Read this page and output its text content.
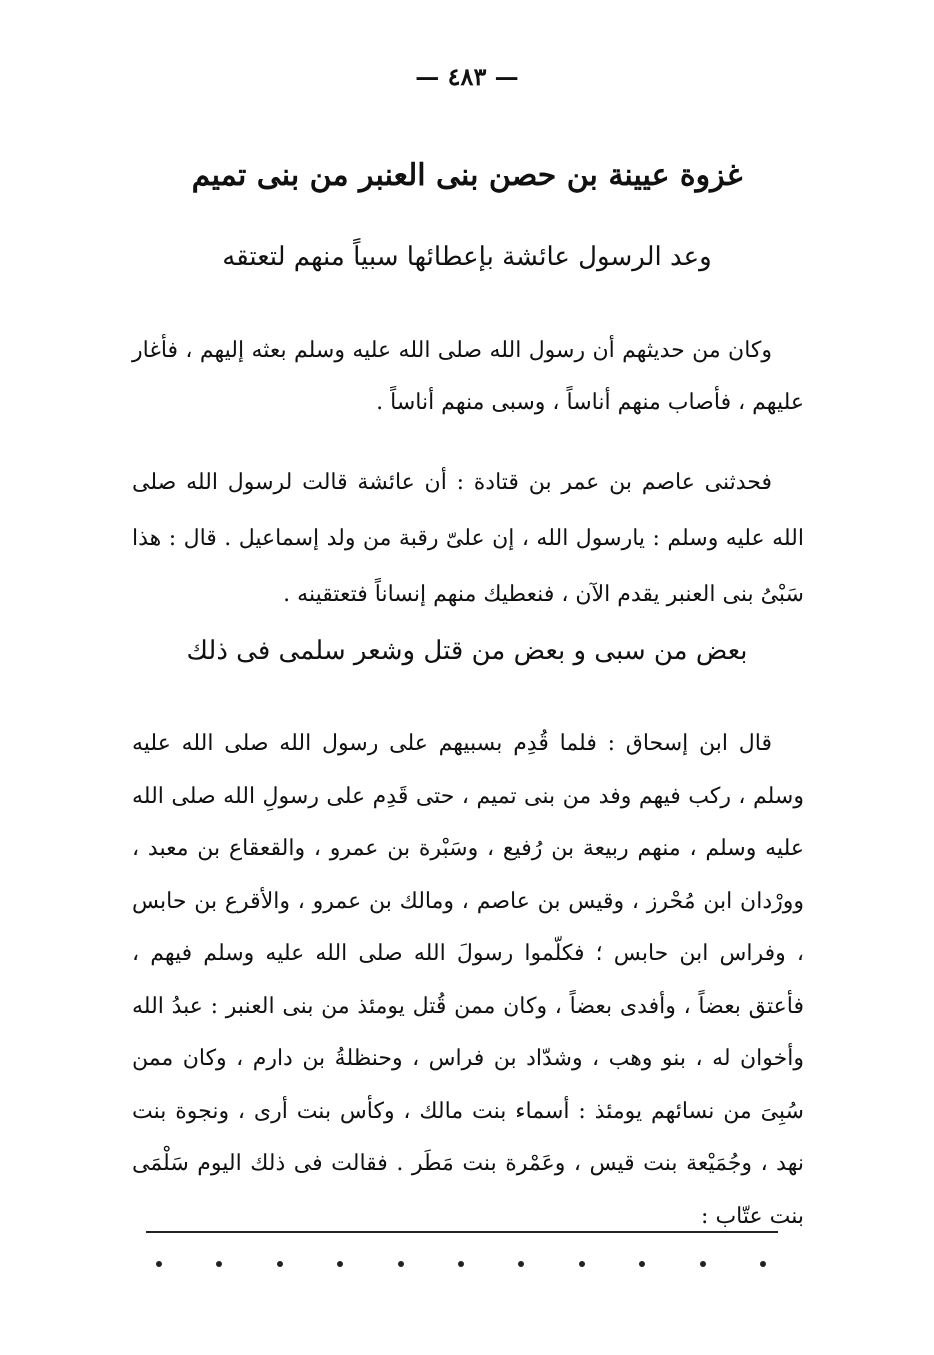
— ٤٨٣ —
غزوة عيينة بن حصن بنى العنبر من بنى تميم
وعد الرسول عائشة بإعطائها سبياً منهم لتعتقه

وكان من حديثهم أن رسول الله صلى الله عليه وسلم بعثه إليهم ، فأغار عليهم ، فأصاب منهم أناساً ، وسبى منهم أناساً .

فحدثنى عاصم بن عمر بن قتادة : أن عائشة قالت لرسول الله صلى الله عليه وسلم : يارسول الله ، إن علىّ رقبة من ولد إسماعيل . قال : هذا سَبْىُ بنى العنبر يقدم الآن ، فنعطيك منهم إنساناً فتعتقينه .

بعض من سبى و بعض من قتل وشعر سلمى فى ذلك

قال ابن إسحاق : فلما قُدِم بسبيهم على رسول الله صلى الله عليه وسلم ، ركب فيهم وفد من بنى تميم ، حتى قَدِم على رسولِ الله صلى الله عليه وسلم ، منهم ربيعة بن رُفيع ، وسَبْرة بن عمرو ، والقعقاع بن معبد ، وورْدان ابن مُحْرز ، وقيس بن عاصم ، ومالك بن عمرو ، والأقرع بن حابس ، وفراس ابن حابس ؛ فكلّموا رسولَ الله صلى الله عليه وسلم فيهم ، فأعتق بعضاً ، وأفدى بعضاً ، وكان ممن قُتل يومئذ من بنى العنبر : عبدُ الله وأخوان له ، بنو وهب ، وشدّاد بن فراس ، وحنظلةُ بن دارم ، وكان ممن سُبِىَ من نسائهم يومئذ : أسماء بنت مالك ، وكأس بنت أرى ، ونجوة بنت نهد ، وجُمَيْعة بنت قيس ، وعَمْرة بنت مَطَر . فقالت فى ذلك اليوم سَلْمَى بنت عتّاب :
